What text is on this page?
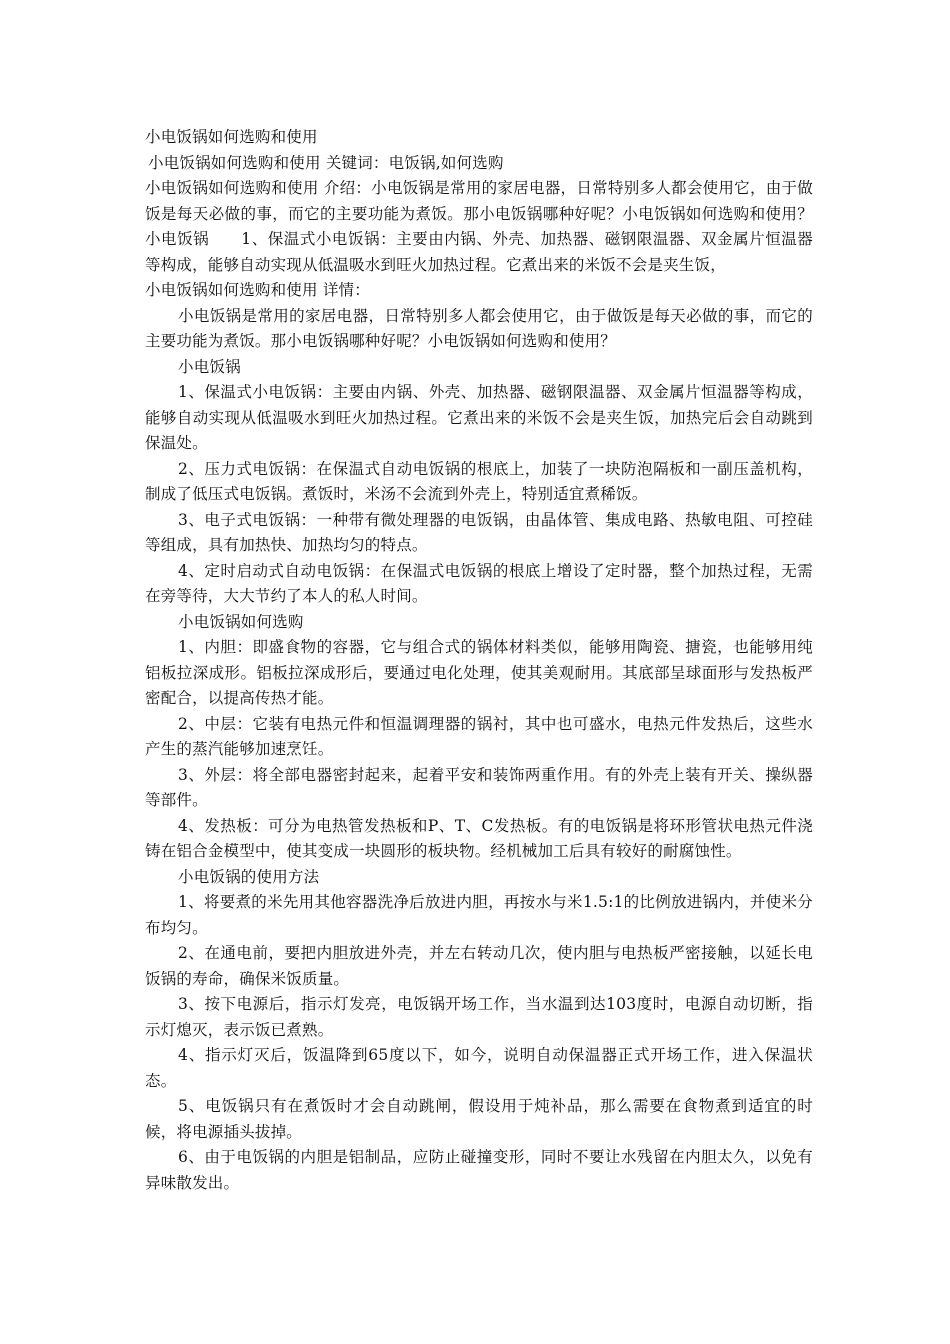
小电饭锅如何选购和使用

小电饭锅如何选购和使用 关键词：电饭锅,如何选购

小电饭锅如何选购和使用 介绍：小电饭锅是常用的家居电器，日常特别多人都会使用它，由于做饭是每天必做的事，而它的主要功能为煮饭。那小电饭锅哪种好呢？小电饭锅如何选购和使用？　　小电饭锅　　1、保温式小电饭锅：主要由内锅、外壳、加热器、磁钢限温器、双金属片恒温器等构成，能够自动实现从低温吸水到旺火加热过程。它煮出来的米饭不会是夹生饭，

小电饭锅如何选购和使用 详情：

小电饭锅是常用的家居电器，日常特别多人都会使用它，由于做饭是每天必做的事，而它的主要功能为煮饭。那小电饭锅哪种好呢？小电饭锅如何选购和使用？

小电饭锅

1、保温式小电饭锅：主要由内锅、外壳、加热器、磁钢限温器、双金属片恒温器等构成，能够自动实现从低温吸水到旺火加热过程。它煮出来的米饭不会是夹生饭，加热完后会自动跳到保温处。

2、压力式电饭锅：在保温式自动电饭锅的根底上，加装了一块防泡隔板和一副压盖机构，制成了低压式电饭锅。煮饭时，米汤不会流到外壳上，特别适宜煮稀饭。

3、电子式电饭锅：一种带有微处理器的电饭锅，由晶体管、集成电路、热敏电阻、可控硅等组成，具有加热快、加热均匀的特点。

4、定时启动式自动电饭锅：在保温式电饭锅的根底上增设了定时器，整个加热过程，无需在旁等待，大大节约了本人的私人时间。

小电饭锅如何选购

1、内胆：即盛食物的容器，它与组合式的锅体材料类似，能够用陶瓷、搪瓷，也能够用纯铝板拉深成形。铝板拉深成形后，要通过电化处理，使其美观耐用。其底部呈球面形与发热板严密配合，以提高传热才能。

2、中层：它装有电热元件和恒温调理器的锅衬，其中也可盛水，电热元件发热后，这些水产生的蒸汽能够加速烹饪。

3、外层：将全部电器密封起来，起着平安和装饰两重作用。有的外壳上装有开关、操纵器等部件。

4、发热板：可分为电热管发热板和P、T、C发热板。有的电饭锅是将环形管状电热元件浇铸在铝合金模型中，使其变成一块圆形的板块物。经机械加工后具有较好的耐腐蚀性。

小电饭锅的使用方法

1、将要煮的米先用其他容器洗净后放进内胆，再按水与米1.5:1的比例放进锅内，并使米分布均匀。

2、在通电前，要把内胆放进外壳，并左右转动几次，使内胆与电热板严密接触，以延长电饭锅的寿命，确保米饭质量。

3、按下电源后，指示灯发亮，电饭锅开场工作，当水温到达103度时，电源自动切断，指示灯熄灭，表示饭已煮熟。

4、指示灯灭后，饭温降到65度以下，如今，说明自动保温器正式开场工作，进入保温状态。

5、电饭锅只有在煮饭时才会自动跳闸，假设用于炖补品，那么需要在食物煮到适宜的时候，将电源插头拔掉。

6、由于电饭锅的内胆是铝制品，应防止碰撞变形，同时不要让水残留在内胆太久，以免有异味散发出。
